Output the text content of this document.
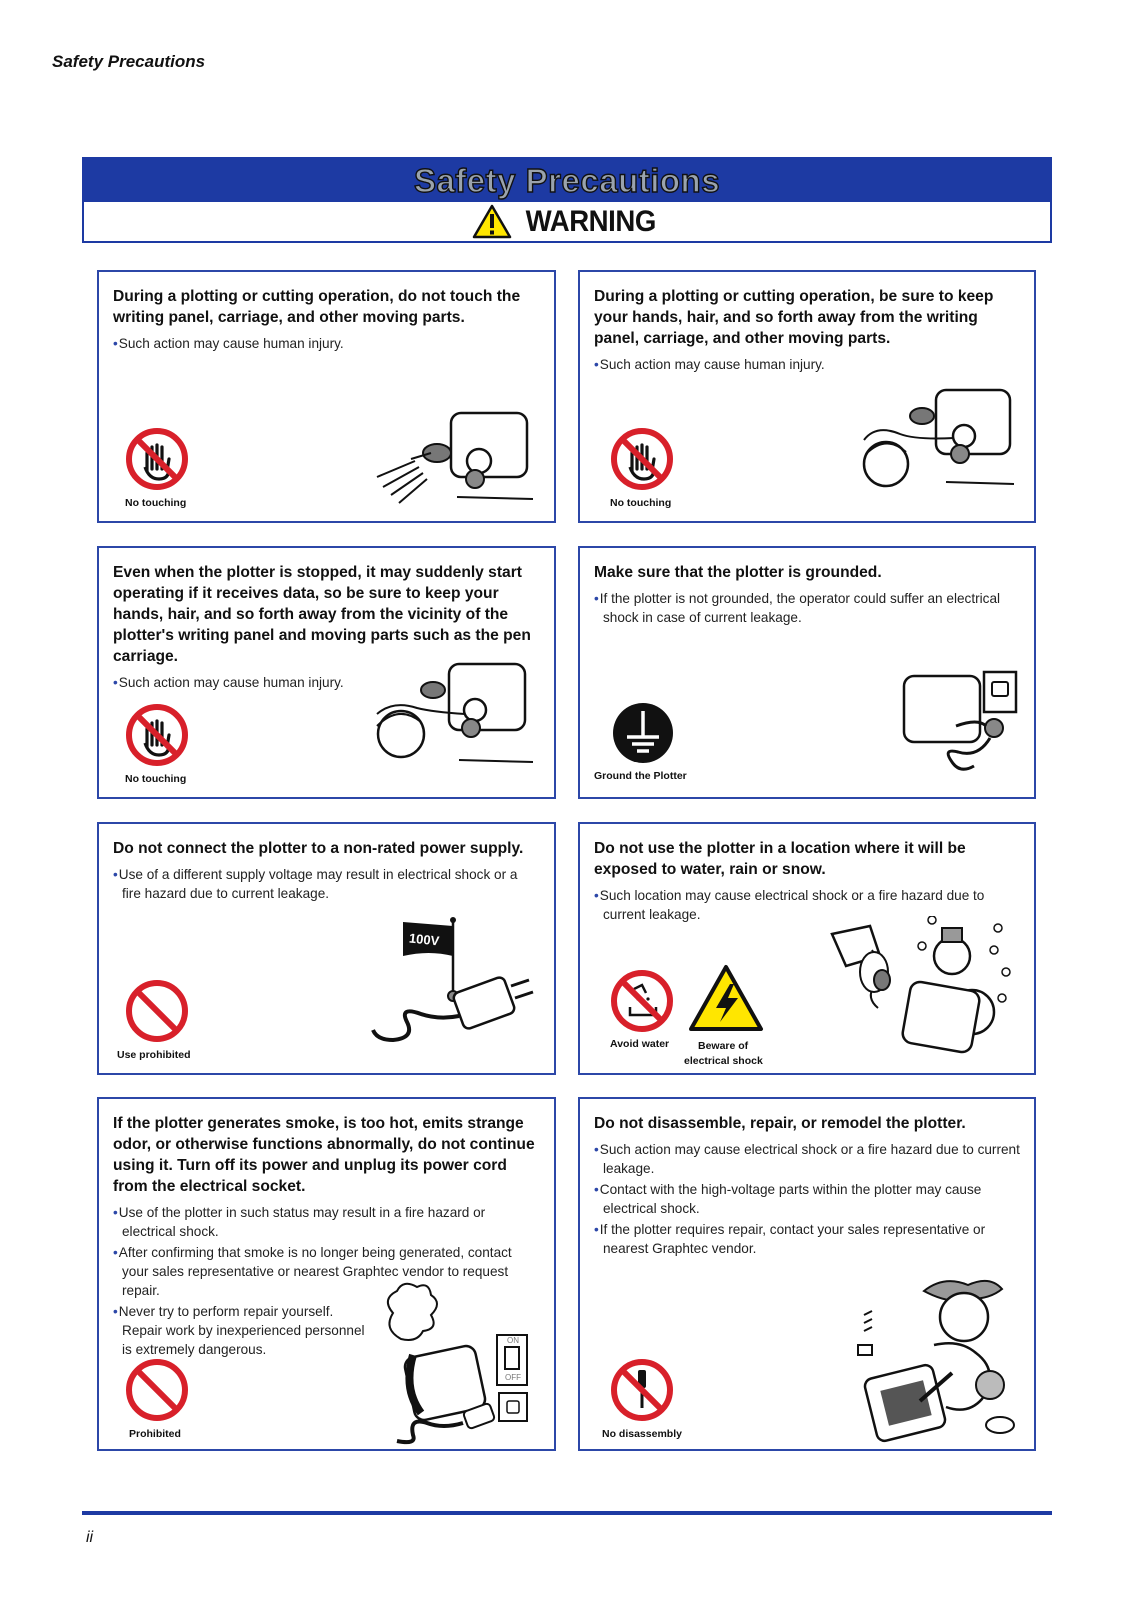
Safety Precautions
Safety Precautions
WARNING
During a plotting or cutting operation, do not touch the writing panel, carriage, and other moving parts.
• Such action may cause human injury.
No touching
During a plotting or cutting operation, be sure to keep your hands, hair, and so forth away from the writing panel, carriage, and other moving parts.
• Such action may cause human injury.
No touching
Even when the plotter is stopped, it may suddenly start operating if it receives data, so be sure to keep your hands, hair, and so forth away from the vicinity of the plotter's writing panel and moving parts such as the pen carriage.
• Such action may cause human injury.
No touching
Make sure that the plotter is grounded.
• If the plotter is not grounded, the operator could suffer an electrical shock in case of current leakage.
Ground the Plotter
Do not connect the plotter to a non-rated power supply.
• Use of a different supply voltage may result in electrical shock or a fire hazard due to current leakage.
Use prohibited
100V
Do not use the plotter in a location where it will be exposed to water, rain or snow.
• Such location may cause electrical shock or a fire hazard due to current leakage.
Avoid water	Beware of
electrical shock
If the plotter generates smoke, is too hot, emits strange odor, or otherwise functions abnormally, do not continue using it. Turn off its power and unplug its power cord from the electrical socket.
• Use of the plotter in such status may result in a fire hazard or electrical shock.
• After confirming that smoke is no longer being generated, contact your sales representative or nearest Graphtec vendor to request repair.
• Never try to perform repair yourself. Repair work by inexperienced personnel is extremely dangerous.
Prohibited
ON
OFF
Do not disassemble, repair, or remodel the plotter.
• Such action may cause electrical shock or a fire hazard due to current leakage.
• Contact with the high-voltage parts within the plotter may cause electrical shock.
• If the plotter requires repair, contact your sales representative or nearest Graphtec vendor.
No disassembly
ii
